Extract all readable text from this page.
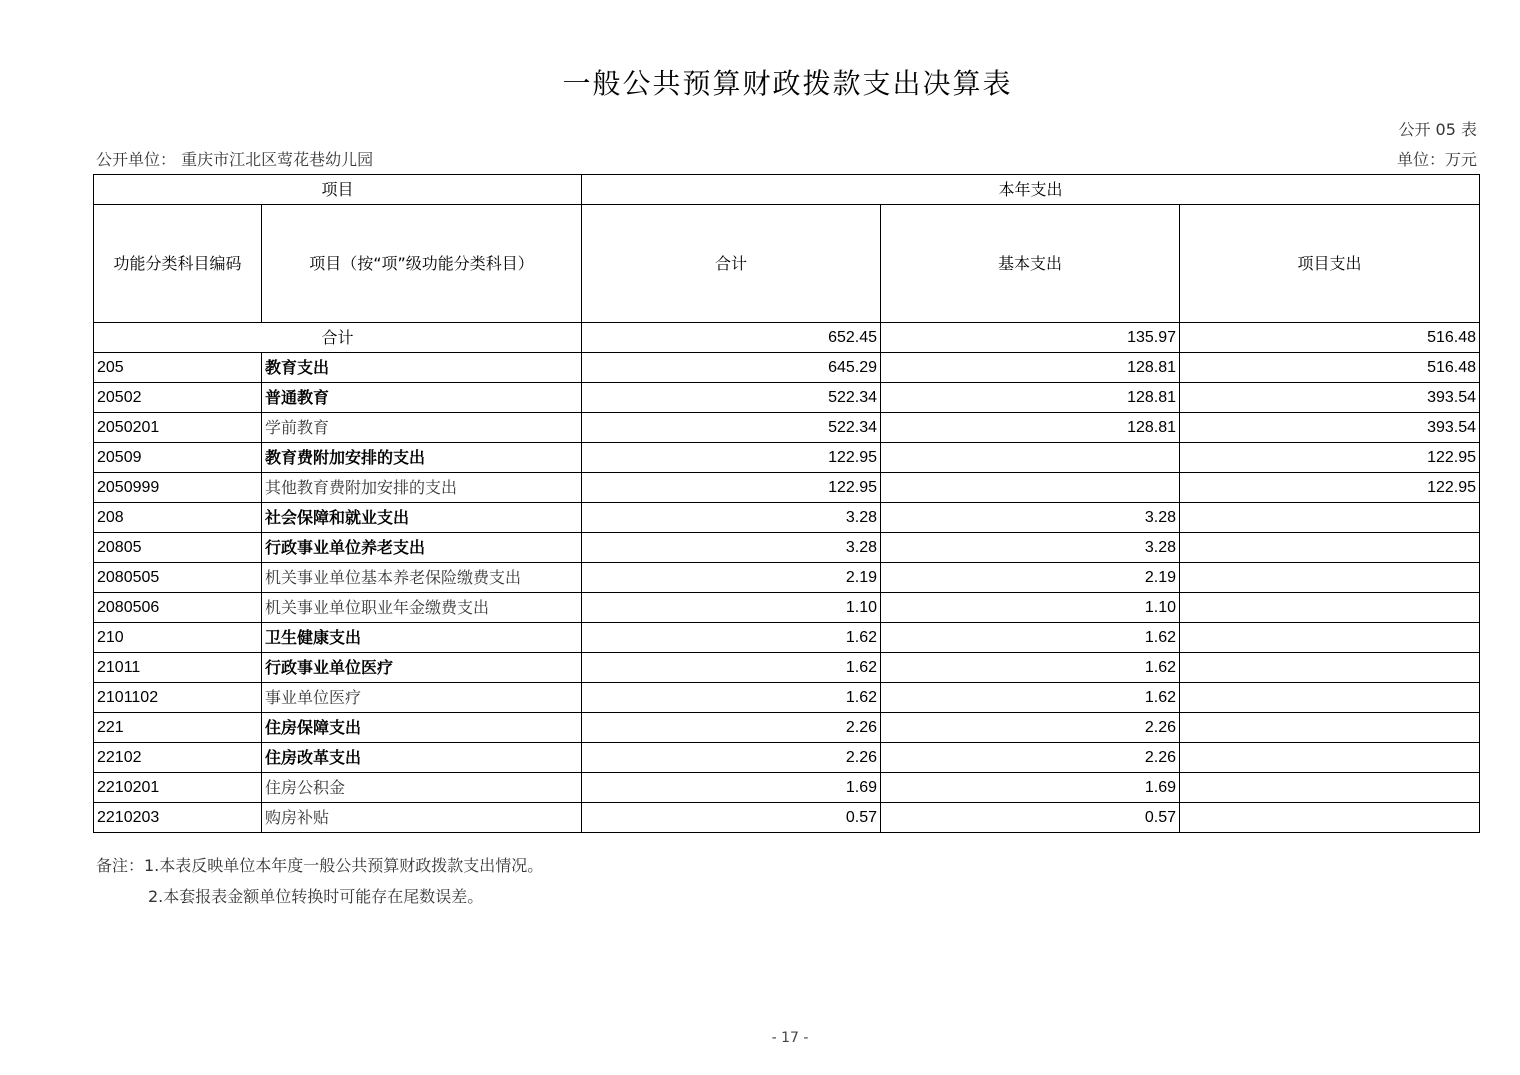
一般公共预算财政拨款支出决算表
公开 05 表
公开单位： 重庆市江北区莺花巷幼儿园	单位：万元
项目		本年支出		
功能分类科目编码	项目（按“项”级功能分类科目）	合计	基本支出	项目支出
合计		652.45	135.97	516.48
205	教育支出	645.29	128.81	516.48
20502	普通教育	522.34	128.81	393.54
2050201	学前教育	522.34	128.81	393.54
20509	教育费附加安排的支出	122.95		122.95
2050999	其他教育费附加安排的支出	122.95		122.95
208	社会保障和就业支出	3.28	3.28	
20805	行政事业单位养老支出	3.28	3.28	
2080505	机关事业单位基本养老保险缴费支出	2.19	2.19	
2080506	机关事业单位职业年金缴费支出	1.10	1.10	
210	卫生健康支出	1.62	1.62	
21011	行政事业单位医疗	1.62	1.62	
2101102	事业单位医疗	1.62	1.62	
221	住房保障支出	2.26	2.26	
22102	住房改革支出	2.26	2.26	
2210201	住房公积金	1.69	1.69	
2210203	购房补贴	0.57	0.57	
备注：1.本表反映单位本年度一般公共预算财政拨款支出情况。
2.本套报表金额单位转换时可能存在尾数误差。
- 17 -
